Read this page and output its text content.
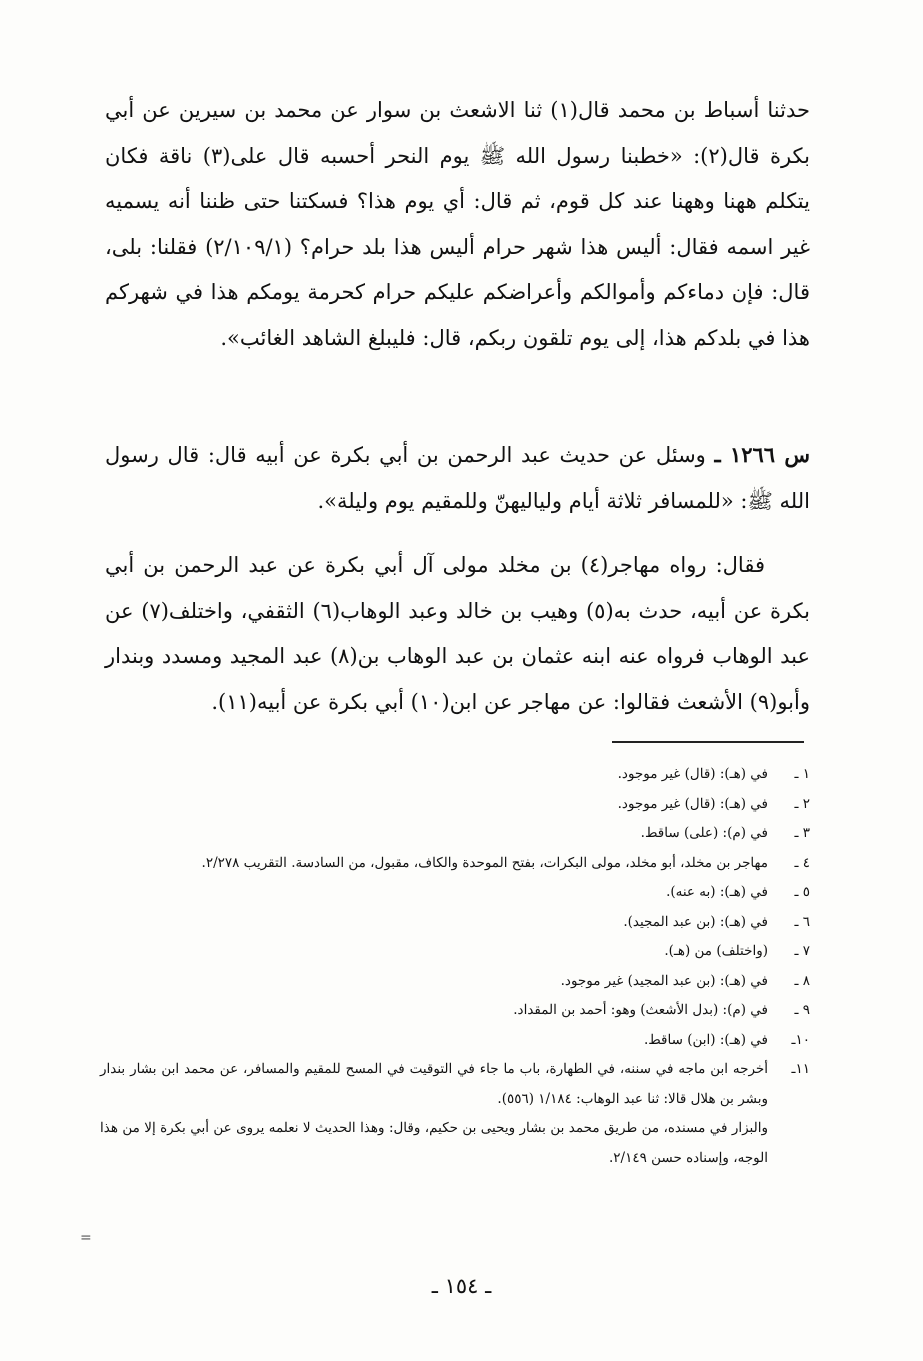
حدثنا أسباط بن محمد قال(١) ثنا الاشعث بن سوار عن محمد بن سيرين عن أبي بكرة قال(٢): «خطبنا رسول الله ﷺ يوم النحر أحسبه قال على(٣) ناقة فكان يتكلم ههنا وههنا عند كل قوم، ثم قال: أي يوم هذا؟ فسكتنا حتى ظننا أنه يسميه غير اسمه فقال: أليس هذا شهر حرام أليس هذا بلد حرام؟ (٢/١٠٩/١) فقلنا: بلى، قال: فإن دماءكم وأموالكم وأعراضكم عليكم حرام كحرمة يومكم هذا في شهركم هذا في بلدكم هذا، إلى يوم تلقون ربكم، قال: فليبلغ الشاهد الغائب».

س ١٢٦٦ ـ وسئل عن حديث عبد الرحمن بن أبي بكرة عن أبيه قال: قال رسول الله ﷺ: «للمسافر ثلاثة أيام ولياليهنّ وللمقيم يوم وليلة».

فقال: رواه مهاجر(٤) بن مخلد مولى آل أبي بكرة عن عبد الرحمن بن أبي بكرة عن أبيه، حدث به(٥) وهيب بن خالد وعبد الوهاب(٦) الثقفي، واختلف(٧) عن عبد الوهاب فرواه عنه ابنه عثمان بن عبد الوهاب بن(٨) عبد المجيد ومسدد وبندار وأبو(٩) الأشعث فقالوا: عن مهاجر عن ابن(١٠) أبي بكرة عن أبيه(١١).

١ ـ
في (هـ): (قال) غير موجود.
٢ ـ
في (هـ): (قال) غير موجود.
٣ ـ
في (م): (على) ساقط.
٤ ـ
مهاجر بن مخلد، أبو مخلد، مولى البكرات، بفتح الموحدة والكاف، مقبول، من السادسة. التقريب ٢/٢٧٨.
٥ ـ
في (هـ): (به عنه).
٦ ـ
في (هـ): (بن عبد المجيد).
٧ ـ
(واختلف) من (هـ).
٨ ـ
في (هـ): (بن عبد المجيد) غير موجود.
٩ ـ
في (م): (بدل الأشعث) وهو: أحمد بن المقداد.
١٠ـ
في (هـ): (ابن) ساقط.
١١ـ
أخرجه ابن ماجه في سننه، في الطهارة، باب ما جاء في التوقيت في المسح للمقيم والمسافر، عن محمد ابن بشار بندار وبشر بن هلال قالا: ثنا عبد الوهاب: ١/١٨٤ (٥٥٦).
والبزار في مسنده، من طريق محمد بن بشار ويحيى بن حكيم، وقال: وهذا الحديث لا نعلمه يروى عن أبي بكرة إلا من هذا الوجه، وإسناده حسن ٢/١٤٩.
ـ ١٥٤ ـ
=
